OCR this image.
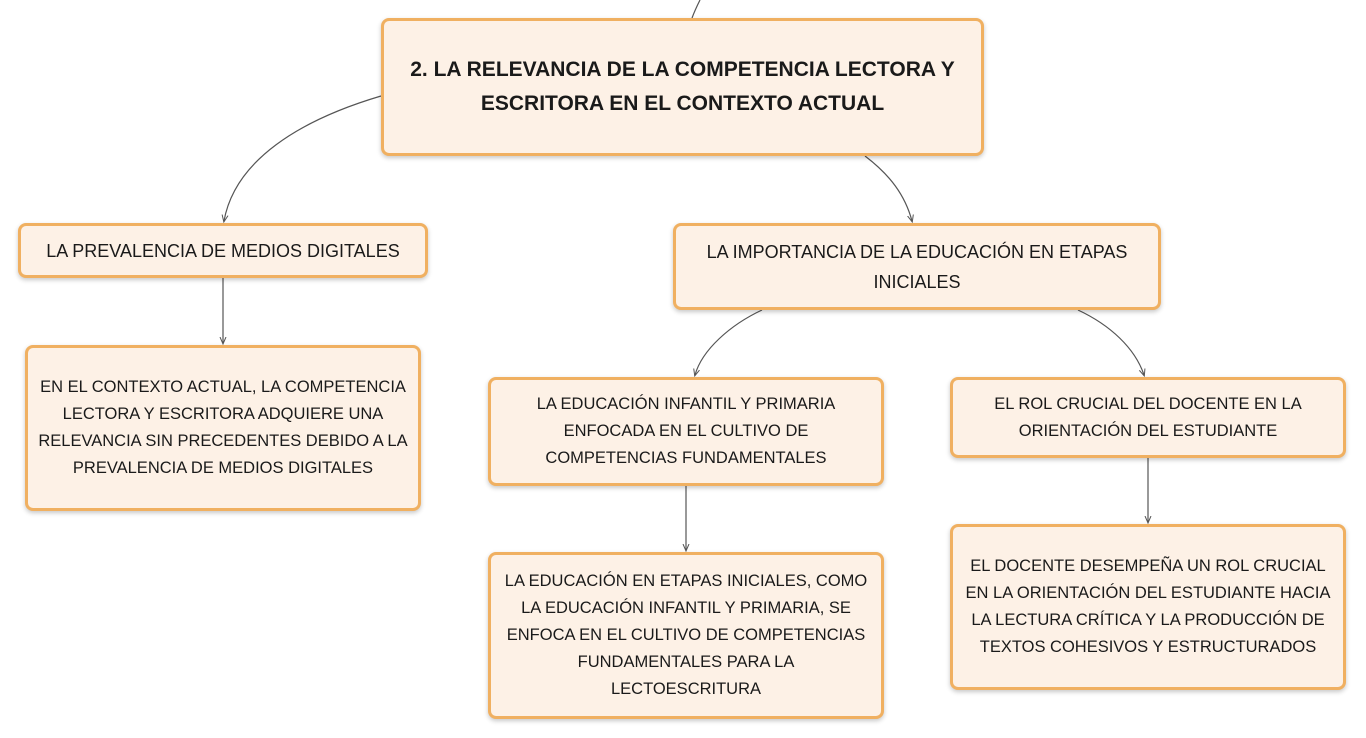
2. LA RELEVANCIA DE LA COMPETENCIA LECTORA Y ESCRITORA EN EL CONTEXTO ACTUAL
LA PREVALENCIA DE MEDIOS DIGITALES
EN EL CONTEXTO ACTUAL, LA COMPETENCIA LECTORA Y ESCRITORA ADQUIERE UNA RELEVANCIA SIN PRECEDENTES DEBIDO A LA PREVALENCIA DE MEDIOS DIGITALES
LA IMPORTANCIA DE LA EDUCACIÓN EN ETAPAS INICIALES
LA EDUCACIÓN INFANTIL Y PRIMARIA ENFOCADA EN EL CULTIVO DE COMPETENCIAS FUNDAMENTALES
LA EDUCACIÓN EN ETAPAS INICIALES, COMO LA EDUCACIÓN INFANTIL Y PRIMARIA, SE ENFOCA EN EL CULTIVO DE COMPETENCIAS FUNDAMENTALES PARA LA LECTOESCRITURA
EL ROL CRUCIAL DEL DOCENTE EN LA ORIENTACIÓN DEL ESTUDIANTE
EL DOCENTE DESEMPEÑA UN ROL CRUCIAL EN LA ORIENTACIÓN DEL ESTUDIANTE HACIA LA LECTURA CRÍTICA Y LA PRODUCCIÓN DE TEXTOS COHESIVOS Y ESTRUCTURADOS
